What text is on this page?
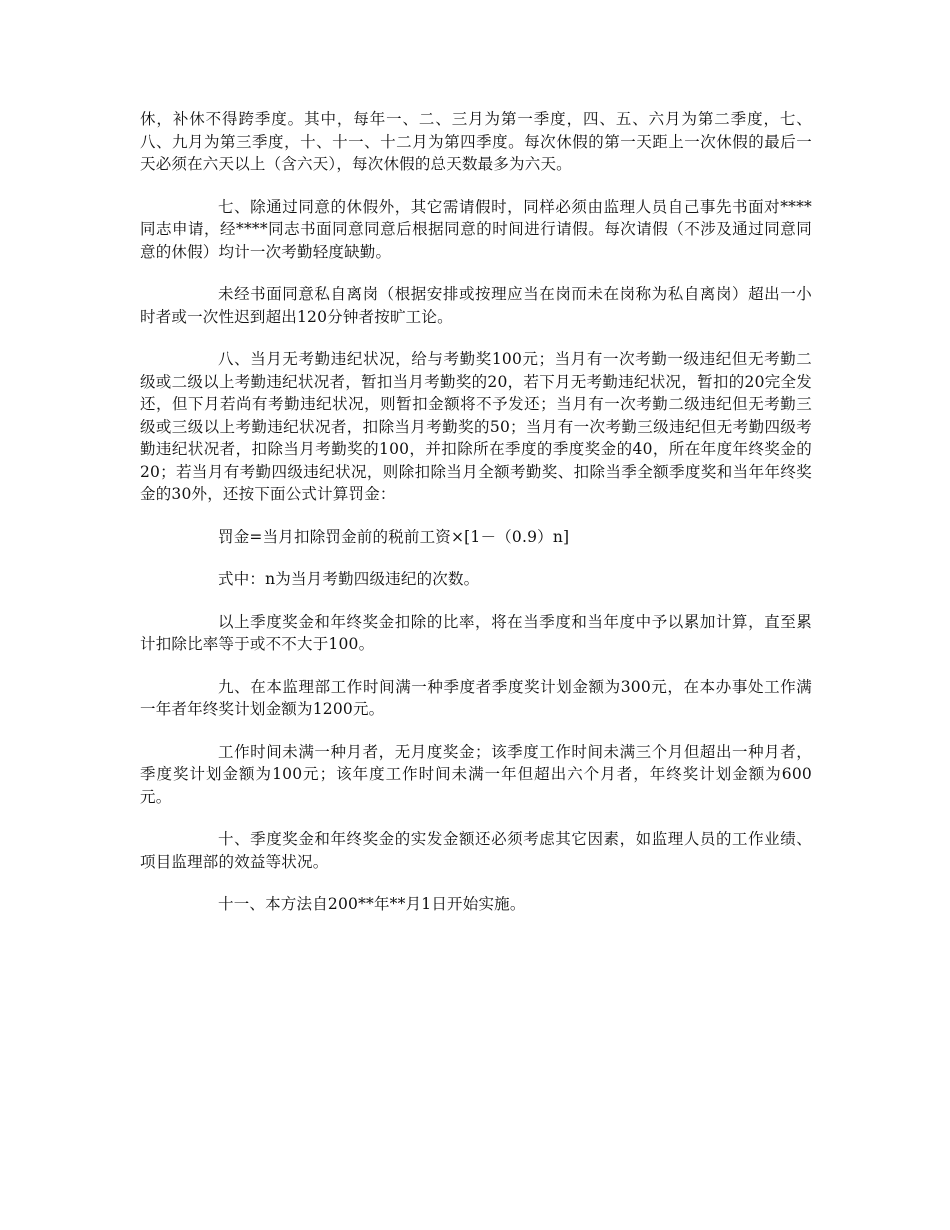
休，补休不得跨季度。其中，每年一、二、三月为第一季度，四、五、六月为第二季度，七、八、九月为第三季度，十、十一、十二月为第四季度。每次休假的第一天距上一次休假的最后一天必须在六天以上（含六天），每次休假的总天数最多为六天。

七、除通过同意的休假外，其它需请假时，同样必须由监理人员自己事先书面对****同志申请，经****同志书面同意同意后根据同意的时间进行请假。每次请假（不涉及通过同意同意的休假）均计一次考勤轻度缺勤。

未经书面同意私自离岗（根据安排或按理应当在岗而未在岗称为私自离岗）超出一小时者或一次性迟到超出120分钟者按旷工论。

八、当月无考勤违纪状况，给与考勤奖100元；当月有一次考勤一级违纪但无考勤二级或二级以上考勤违纪状况者，暂扣当月考勤奖的20，若下月无考勤违纪状况，暂扣的20完全发还，但下月若尚有考勤违纪状况，则暂扣金额将不予发还；当月有一次考勤二级违纪但无考勤三级或三级以上考勤违纪状况者，扣除当月考勤奖的50；当月有一次考勤三级违纪但无考勤四级考勤违纪状况者，扣除当月考勤奖的100，并扣除所在季度的季度奖金的40，所在年度年终奖金的20；若当月有考勤四级违纪状况，则除扣除当月全额考勤奖、扣除当季全额季度奖和当年年终奖金的30外，还按下面公式计算罚金：

罚金=当月扣除罚金前的税前工资×[1－（0.9）n]

式中：n为当月考勤四级违纪的次数。

以上季度奖金和年终奖金扣除的比率，将在当季度和当年度中予以累加计算，直至累计扣除比率等于或不不大于100。

九、在本监理部工作时间满一种季度者季度奖计划金额为300元，在本办事处工作满一年者年终奖计划金额为1200元。

工作时间未满一种月者，无月度奖金；该季度工作时间未满三个月但超出一种月者，季度奖计划金额为100元；该年度工作时间未满一年但超出六个月者，年终奖计划金额为600元。

十、季度奖金和年终奖金的实发金额还必须考虑其它因素，如监理人员的工作业绩、项目监理部的效益等状况。

十一、本方法自200**年**月1日开始实施。
